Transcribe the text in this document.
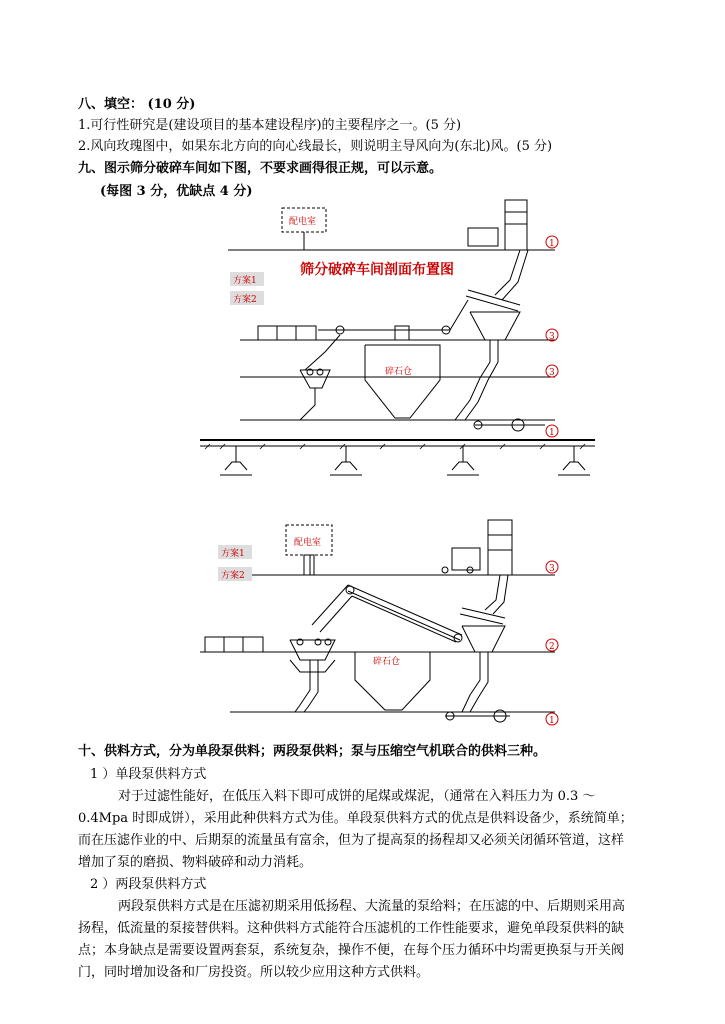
八、填空： (10 分)
1.可行性研究是(建设项目的基本建设程序)的主要程序之一。(5 分)
2.风向玫瑰图中，如果东北方向的向心线最长，则说明主导风向为(东北)风。(5 分)
九、图示筛分破碎车间如下图，不要求画得很正规，可以示意。
(每图 3 分，优缺点 4 分)
筛分破碎车间剖面布置图
配电室
方案1
方案2
碎石仓
1
3
3
1
配电室
方案1
方案2
碎石仓
3
2
1
十、供料方式，分为单段泵供料；两段泵供料；泵与压缩空气机联合的供料三种。
1 ）单段泵供料方式
对于过滤性能好，在低压入料下即可成饼的尾煤或煤泥，（通常在入料压力为 0.3 ～
0.4Mpa 时即成饼），采用此种供料方式为佳。单段泵供料方式的优点是供料设备少，系统简单；
而在压滤作业的中、后期泵的流量虽有富余，但为了提高泵的扬程却又必须关闭循环管道，这样
增加了泵的磨损、物料破碎和动力消耗。
2 ）两段泵供料方式
两段泵供料方式是在压滤初期采用低扬程、大流量的泵给料；在压滤的中、后期则采用高
扬程，低流量的泵接替供料。这种供料方式能符合压滤机的工作性能要求，避免单段泵供料的缺
点；本身缺点是需要设置两套泵，系统复杂，操作不便，在每个压力循环中均需更换泵与开关阀
门，同时增加设备和厂房投资。所以较少应用这种方式供料。
